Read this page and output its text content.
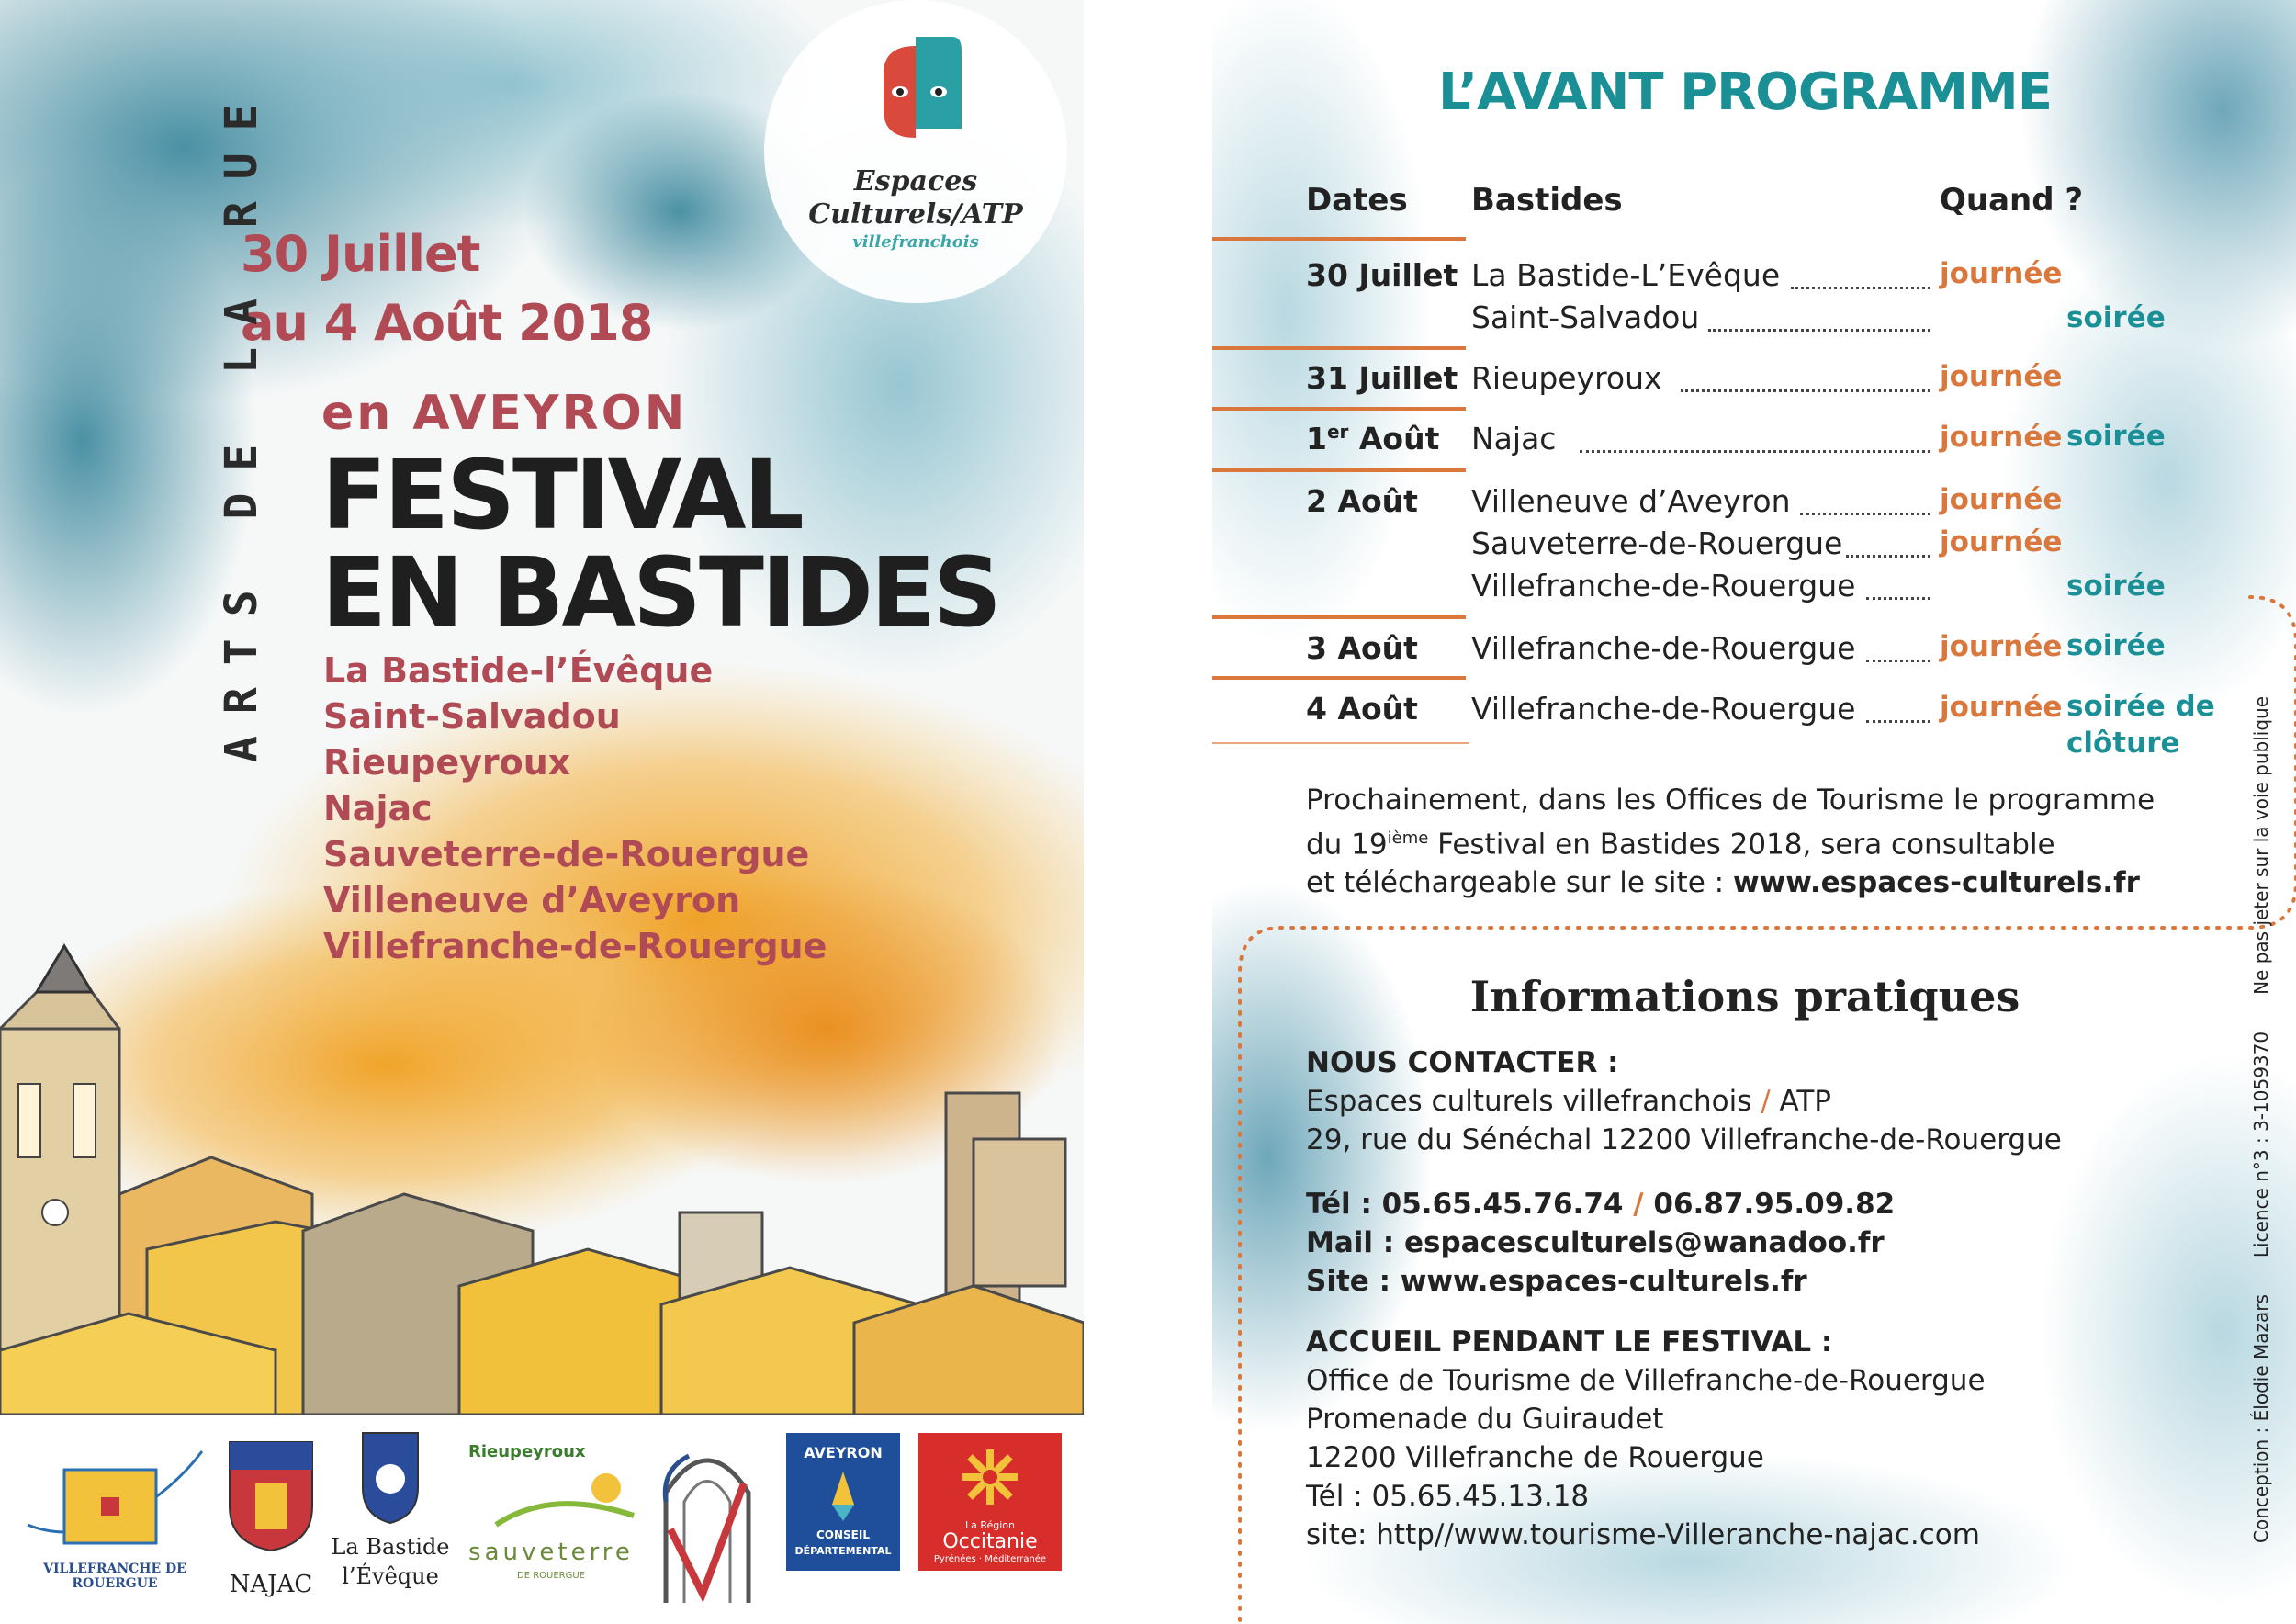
30 Juillet
au 4 Août 2018
ARTS DE LA RUE en AVEYRON
FESTIVAL
EN BASTIDES
La Bastide-l’Évêque
Saint-Salvadou
Rieupeyroux
Najac
Sauveterre-de-Rouergue
Villeneuve d’Aveyron
Villefranche-de-Rouergue
Espaces
Culturels/ATP
villefranchois
VILLEFRANCHE DE ROUERGUE	NAJAC
La Bastide
l’Évêque
Rieupeyroux
sauveterre
DE ROUERGUE
AVEYRON
CONSEIL
DÉPARTEMENTAL
La Région
Occitanie
Pyrénées · Méditerranée
L’AVANT PROGRAMME
Dates Bastides	Quand ?
30 Juillet La Bastide-L’Evêque	journée
Saint-Salvadou	soirée
31 Juillet Rieupeyroux	journée
1er Août Najac	journée soirée
2 Août Villeneuve d’Aveyron	journée
Sauveterre-de-Rouergue	journée
Villefranche-de-Rouergue	soirée
3 Août Villefranche-de-Rouergue	journée soirée
4 Août Villefranche-de-Rouergue	journée soirée de
clôture
Prochainement, dans les Offices de Tourisme le programme
du 19ième Festival en Bastides 2018, sera consultable
et téléchargeable sur le site : www.espaces-culturels.fr
Informations pratiques
NOUS CONTACTER :
Espaces culturels villefranchois / ATP
29, rue du Sénéchal 12200 Villefranche-de-Rouergue
Tél : 05.65.45.76.74 / 06.87.95.09.82
Mail : espacesculturels@wanadoo.fr
Site : www.espaces-culturels.fr
ACCUEIL PENDANT LE FESTIVAL :
Office de Tourisme de Villefranche-de-Rouergue
Promenade du Guiraudet
12200 Villefranche de Rouergue
Tél : 05.65.45.13.18
site: http//www.tourisme-Villeranche-najac.com	Conception : Élodie MazarsLicence n°3 : 3-1059370Ne pas jeter sur la voie publique
